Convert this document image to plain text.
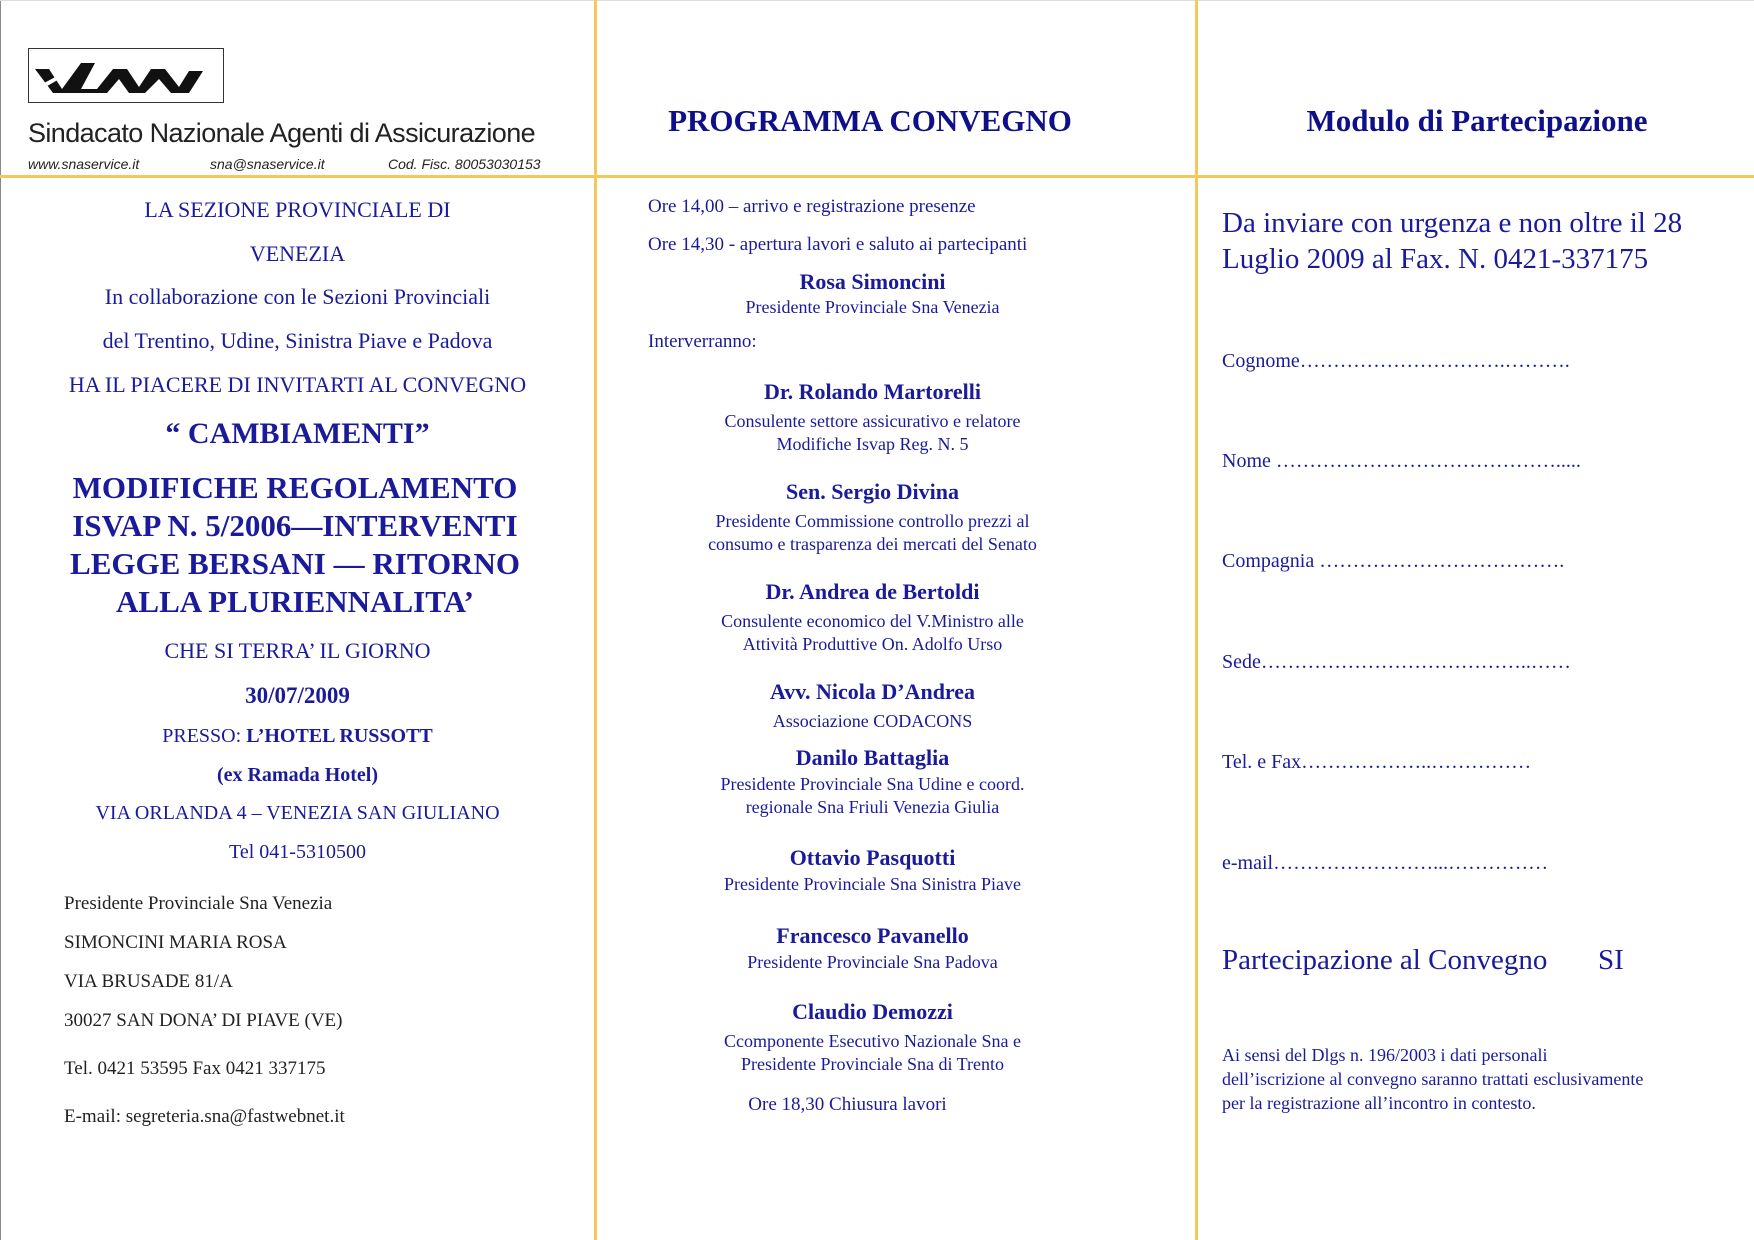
Sindacato Nazionale Agenti di Assicurazione
www.snaservice.it	sna@snaservice.it	Cod. Fisc. 80053030153
PROGRAMMA CONVEGNO	Modulo di Partecipazione
LA SEZIONE PROVINCIALE DI
VENEZIA
In collaborazione con le Sezioni Provinciali
del Trentino, Udine, Sinistra Piave e Padova
HA IL PIACERE DI INVITARTI AL CONVEGNO
“ CAMBIAMENTI”
MODIFICHE REGOLAMENTO ISVAP N. 5/2006—INTERVENTI LEGGE BERSANI — RITORNO ALLA PLURIENNALITA’
CHE SI TERRA’ IL GIORNO
30/07/2009
PRESSO: L’HOTEL RUSSOTT
(ex Ramada Hotel)
VIA ORLANDA 4 – VENEZIA SAN GIULIANO
Tel 041-5310500
Presidente Provinciale Sna Venezia
SIMONCINI MARIA ROSA
VIA BRUSADE 81/A
30027 SAN DONA’ DI PIAVE (VE)
Tel. 0421 53595 Fax 0421 337175
E-mail: segreteria.sna@fastwebnet.it
Ore 14,00 – arrivo e registrazione presenze
Ore 14,30 - apertura lavori e saluto ai partecipanti
Rosa Simoncini
Presidente Provinciale Sna Venezia
Interverranno:
Dr. Rolando Martorelli
Consulente settore assicurativo e relatore
Modifiche Isvap Reg. N. 5
Sen. Sergio Divina
Presidente Commissione controllo prezzi al
consumo e trasparenza dei mercati del Senato
Dr. Andrea de Bertoldi
Consulente economico del V.Ministro alle
Attività Produttive On. Adolfo Urso
Avv. Nicola D’Andrea
Associazione CODACONS
Danilo Battaglia
Presidente Provinciale Sna Udine e coord.
regionale Sna Friuli Venezia Giulia
Ottavio Pasquotti
Presidente Provinciale Sna Sinistra Piave
Francesco Pavanello
Presidente Provinciale Sna Padova
Claudio Demozzi
Ccomponente Esecutivo Nazionale Sna e
Presidente Provinciale Sna di Trento
Ore 18,30 Chiusura lavori
Da inviare con urgenza e non oltre il 28
Luglio 2009 al Fax. N. 0421-337175
Cognome………………………….……….
Nome …………………………………….....
Compagnia ……………………………….
Sede…………………………………..……
Tel. e Fax………………..……………
e-mail……………………...……………
Partecipazione al Convegno SI
Ai sensi del Dlgs n. 196/2003 i dati personali
dell’iscrizione al convegno saranno trattati esclusivamente
per la registrazione all’incontro in contesto.
